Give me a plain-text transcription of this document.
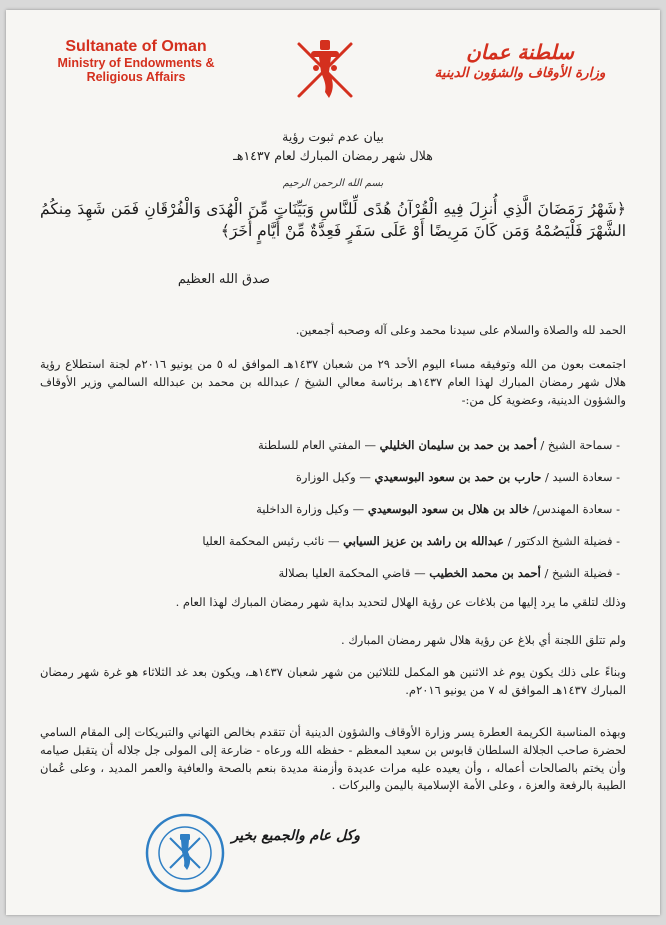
Sultanate of Oman
Ministry of Endowments &
Religious Affairs
سلطنة عمان
وزارة الأوقاف والشؤون الدينية
بيان عدم ثبوت رؤية
هلال شهر رمضان المبارك لعام ١٤٣٧هـ
بسم الله الرحمن الرحيم
﴿شَهْرُ رَمَضَانَ الَّذِي أُنزِلَ فِيهِ الْقُرْآنُ هُدًى لِّلنَّاسِ وَبَيِّنَاتٍ مِّنَ الْهُدَى وَالْفُرْقَانِ فَمَن شَهِدَ مِنكُمُ الشَّهْرَ فَلْيَصُمْهُ وَمَن كَانَ مَرِيضًا أَوْ عَلَى سَفَرٍ فَعِدَّةٌ مِّنْ أَيَّامٍ أُخَرَ﴾
صدق الله العظيم
الحمد لله والصلاة والسلام على سيدنا محمد وعلى آله وصحبه أجمعين.
اجتمعت بعون من الله وتوفيقه مساء اليوم الأحد ٢٩ من شعبان ١٤٣٧هـ الموافق له ٥ من يونيو ٢٠١٦م لجنة استطلاع رؤية هلال شهر رمضان المبارك لهذا العام ١٤٣٧هـ برئاسة معالي الشيخ / عبدالله بن محمد بن عبدالله السالمي وزير الأوقاف والشؤون الدينية، وعضوية كل من:-
- سماحة الشيخ / أحمد بن حمد بن سليمان الخليلي — المفتي العام للسلطنة
- سعادة السيد / حارب بن حمد بن سعود البوسعيدي — وكيل الوزارة
- سعادة المهندس/ خالد بن هلال بن سعود البوسعيدي — وكيل وزارة الداخلية
- فضيلة الشيخ الدكتور / عبدالله بن راشد بن عزيز السيابي — نائب رئيس المحكمة العليا
- فضيلة الشيخ / أحمد بن محمد الخطيب — قاضي المحكمة العليا بصلالة
وذلك لتلقي ما يرد إليها من بلاغات عن رؤية الهلال لتحديد بداية شهر رمضان المبارك لهذا العام .
ولم تتلق اللجنة أي بلاغ عن رؤية هلال شهر رمضان المبارك .
وبناءً على ذلك يكون يوم غد الاثنين هو المكمل للثلاثين من شهر شعبان ١٤٣٧هـ، ويكون بعد غد الثلاثاء هو غرة شهر رمضان المبارك ١٤٣٧هـ الموافق له ٧ من يونيو ٢٠١٦م.
وبهذه المناسبة الكريمة العطرة يسر وزارة الأوقاف والشؤون الدينية أن تتقدم بخالص التهاني والتبريكات إلى المقام السامي لحضرة صاحب الجلالة السلطان قابوس بن سعيد المعظم - حفظه الله ورعاه - ضارعة إلى المولى جل جلاله أن يتقبل صيامه وأن يختم بالصالحات أعماله ، وأن يعيده عليه مرات عديدة وأزمنة مديدة بنعم بالصحة والعافية والعمر المديد ، وعلى عُمان الطيبة بالرفعة والعزة ، وعلى الأمة الإسلامية باليمن والبركات .
وكل عام والجميع بخير
